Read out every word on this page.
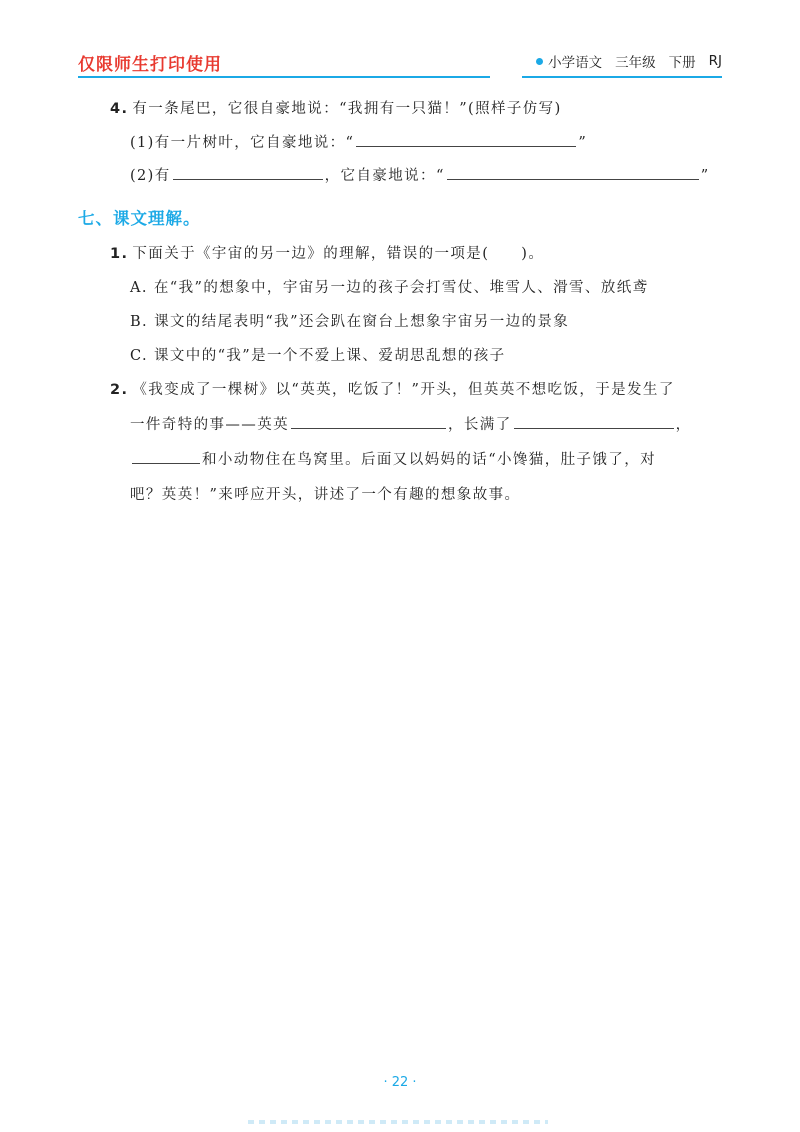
仅限师生打印使用	小学语文 三年级 下册 RJ
4. 有一条尾巴，它很自豪地说：“我拥有一只猫！”(照样子仿写)
(1)有一片树叶，它自豪地说：“	”
(2)有	，它自豪地说：“	”
七、课文理解。
1. 下面关于《宇宙的另一边》的理解，错误的一项是( )。
A. 在“我”的想象中，宇宙另一边的孩子会打雪仗、堆雪人、滑雪、放纸鸢
B. 课文的结尾表明“我”还会趴在窗台上想象宇宙另一边的景象
C. 课文中的“我”是一个不爱上课、爱胡思乱想的孩子
2. 《我变成了一棵树》以“英英，吃饭了！”开头，但英英不想吃饭，于是发生了
一件奇特的事——英英	，长满了	，
和小动物住在鸟窝里。后面又以妈妈的话“小馋猫，肚子饿了，对
吧？英英！”来呼应开头，讲述了一个有趣的想象故事。
· 22 ·
